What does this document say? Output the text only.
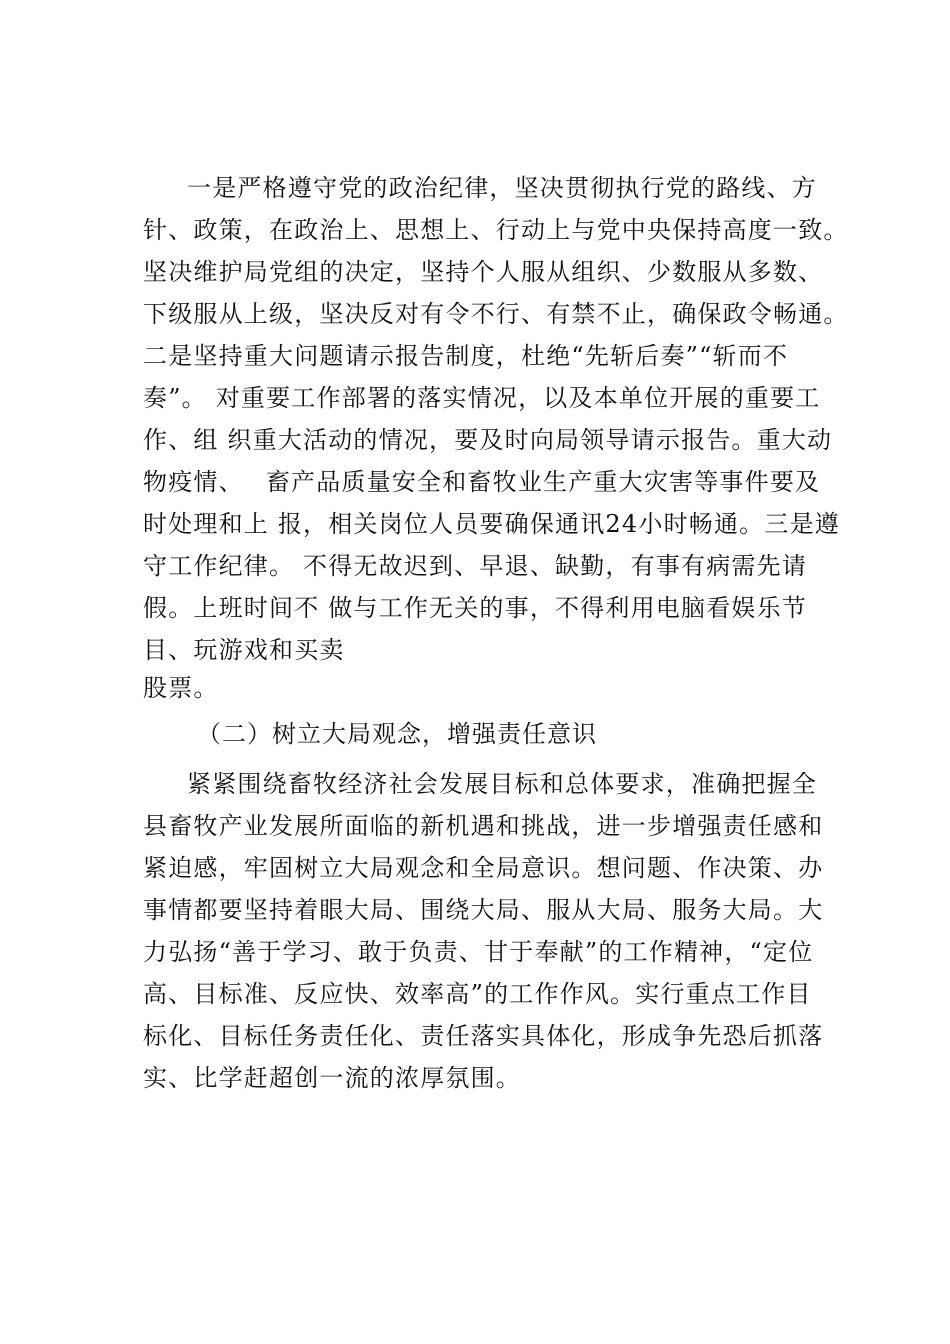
一是严格遵守党的政治纪律，坚决贯彻执行党的路线、方
针、政策，在政治上、思想上、行动上与党中央保持高度一致。
坚决维护局党组的决定，坚持个人服从组织、少数服从多数、
下级服从上级，坚决反对有令不行、有禁不止，确保政令畅通。
二是坚持重大问题请示报告制度，杜绝“先斩后奏”“斩而不
奏”。 对重要工作部署的落实情况，以及本单位开展的重要工
作、组 织重大活动的情况，要及时向局领导请示报告。重大动
物疫情、　 畜产品质量安全和畜牧业生产重大灾害等事件要及
时处理和上 报，相关岗位人员要确保通讯24小时畅通。三是遵
守工作纪律。 不得无故迟到、早退、缺勤，有事有病需先请
假。上班时间不 做与工作无关的事，不得利用电脑看娱乐节
目、玩游戏和买卖
股票。
（二）树立大局观念，增强责任意识
紧紧围绕畜牧经济社会发展目标和总体要求，准确把握全
县畜牧产业发展所面临的新机遇和挑战，进一步增强责任感和
紧迫感，牢固树立大局观念和全局意识。想问题、作决策、办
事情都要坚持着眼大局、围绕大局、服从大局、服务大局。大
力弘扬“善于学习、敢于负责、甘于奉献”的工作精神，“定位
高、目标准、反应快、效率高”的工作作风。实行重点工作目
标化、目标任务责任化、责任落实具体化，形成争先恐后抓落
实、比学赶超创一流的浓厚氛围。
